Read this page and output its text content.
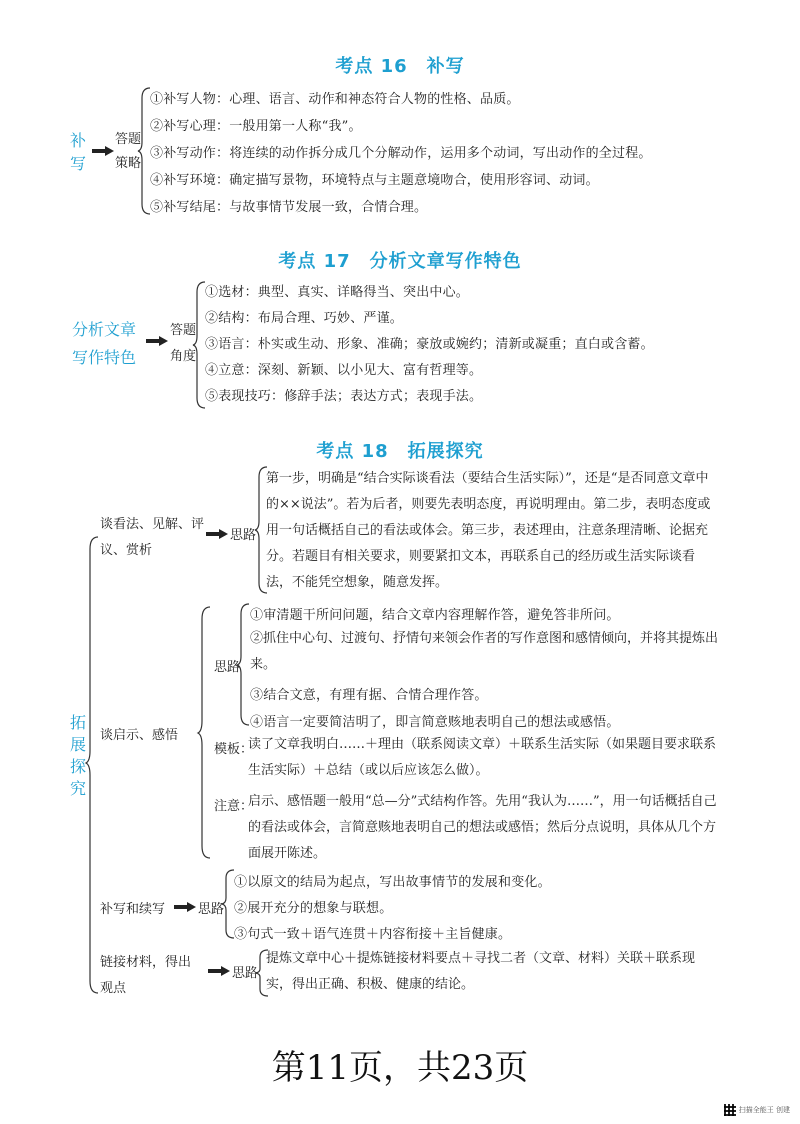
考点 16　补写
补
写
答题
策略
①补写人物：心理、语言、动作和神态符合人物的性格、品质。
②补写心理：一般用第一人称“我”。
③补写动作：将连续的动作拆分成几个分解动作，运用多个动词，写出动作的全过程。
④补写环境：确定描写景物，环境特点与主题意境吻合，使用形容词、动词。
⑤补写结尾：与故事情节发展一致，合情合理。
考点 17　分析文章写作特色
分析文章
写作特色
答题
角度
①选材：典型、真实、详略得当、突出中心。
②结构：布局合理、巧妙、严谨。
③语言：朴实或生动、形象、准确；豪放或婉约；清新或凝重；直白或含蓄。
④立意：深刻、新颖、以小见大、富有哲理等。
⑤表现技巧：修辞手法；表达方式；表现手法。
考点 18　拓展探究
拓
展
探
究
谈看法、见解、评
议、赏析
思路
第一步，明确是“结合实际谈看法（要结合生活实际）”，还是“是否同意文章中的××说法”。若为后者，则要先表明态度，再说明理由。第二步，表明态度或用一句话概括自己的看法或体会。第三步，表述理由，注意条理清晰、论据充分。若题目有相关要求，则要紧扣文本，再联系自己的经历或生活实际谈看法，不能凭空想象，随意发挥。
谈启示、感悟
思路
①审清题干所问问题，结合文章内容理解作答，避免答非所问。
②抓住中心句、过渡句、抒情句来领会作者的写作意图和感情倾向，并将其提炼出来。
③结合文意，有理有据、合情合理作答。
④语言一定要简洁明了，即言简意赅地表明自己的想法或感悟。
模板：
读了文章我明白……＋理由（联系阅读文章）＋联系生活实际（如果题目要求联系生活实际）＋总结（或以后应该怎么做）。
注意：
启示、感悟题一般用“总—分”式结构作答。先用“我认为……”，用一句话概括自己的看法或体会，言简意赅地表明自己的想法或感悟；然后分点说明，具体从几个方面展开陈述。
补写和续写	思路
①以原文的结局为起点，写出故事情节的发展和变化。
②展开充分的想象与联想。
③句式一致＋语气连贯＋内容衔接＋主旨健康。
链接材料，得出
观点
思路
提炼文章中心＋提炼链接材料要点＋寻找二者（文章、材料）关联＋联系现实，得出正确、积极、健康的结论。
第11页，共23页
扫描全能王 创建
